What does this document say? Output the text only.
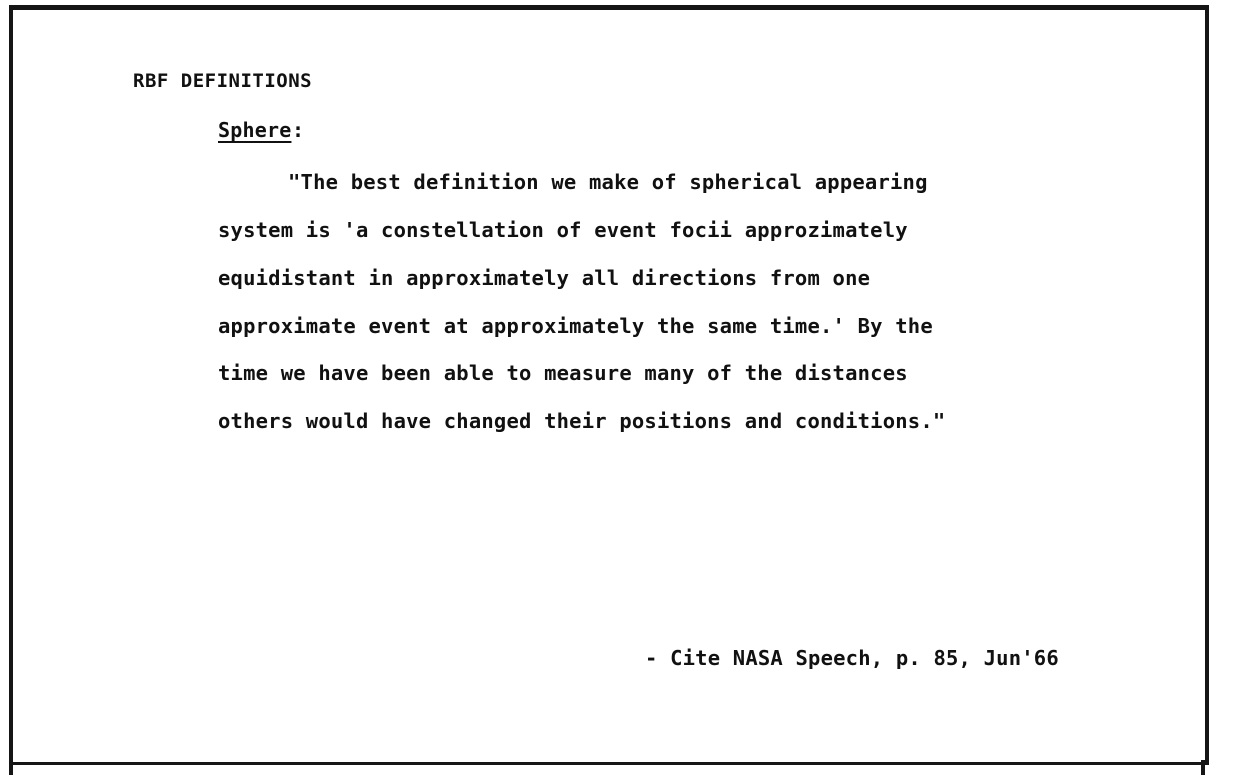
RBF DEFINITIONS
Sphere :
"The best definition we make of spherical appearing
system is 'a constellation of event focii approzimately
equidistant in approximately all directions from one
approximate event at approximately the same time.' By the
time we have been able to measure many of the distances
others would have changed their positions and conditions."
- Cite NASA Speech, p. 85, Jun'66
